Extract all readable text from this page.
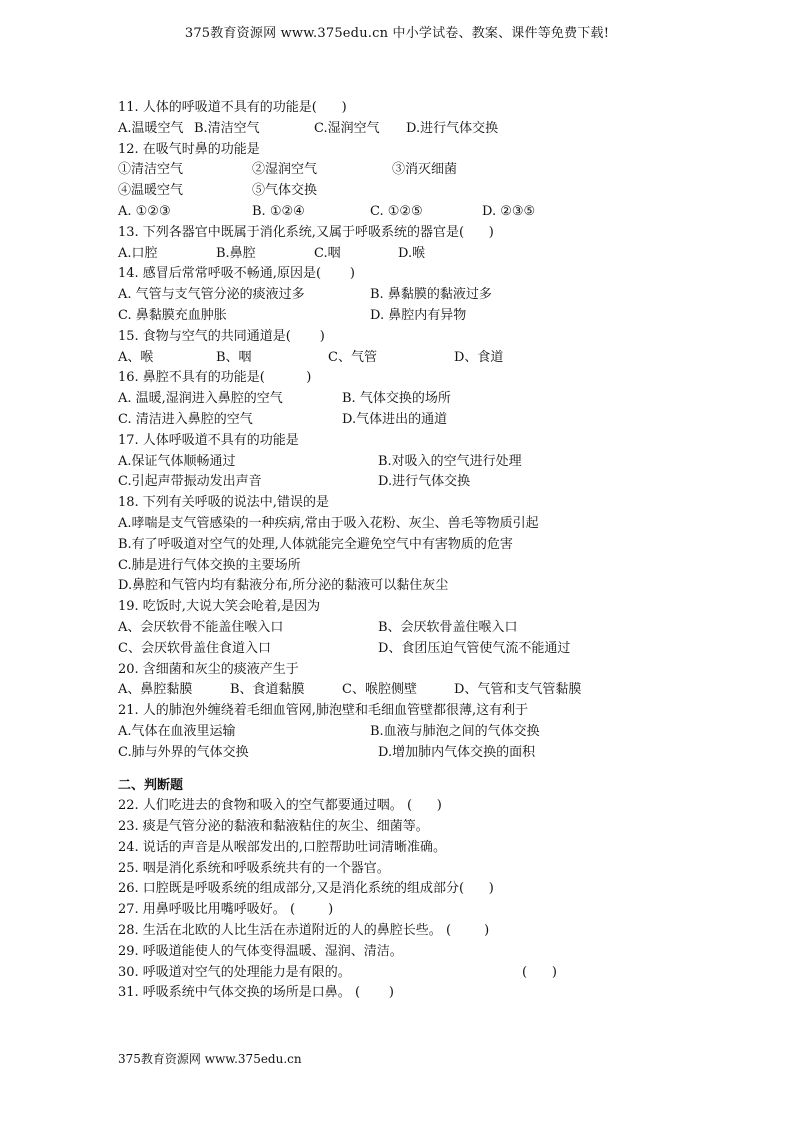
375教育资源网 www.375edu.cn 中小学试卷、教案、课件等免费下载!
11. 人体的呼吸道不具有的功能是(      )

A.温暖空气

B.清洁空气

	C.湿润空气

D.进行气体交换

12. 在吸气时鼻的功能是

①清洁空气

	②湿润空气

	③消灭细菌

④温暖空气

	⑤气体交换

A. ①②③

	B. ①②④

	C. ①②⑤

	D. ②③⑤

13. 下列各器官中既属于消化系统,又属于呼吸系统的器官是(      )

A.口腔

	B.鼻腔

	C.咽

	D.喉

14. 感冒后常常呼吸不畅通,原因是(       )

A. 气管与支气管分泌的痰液过多

	B. 鼻黏膜的黏液过多

C. 鼻黏膜充血肿胀

	D. 鼻腔内有异物

15. 食物与空气的共同通道是(       )

A、喉

	B、咽

	C、气管

	D、食道

16. 鼻腔不具有的功能是(          )

A. 温暖,湿润进入鼻腔的空气

	B. 气体交换的场所

C. 清洁进入鼻腔的空气

	D.气体进出的通道

17. 人体呼吸道不具有的功能是

A.保证气体顺畅通过

	B.对吸入的空气进行处理

C.引起声带振动发出声音

	D.进行气体交换

18. 下列有关呼吸的说法中,错误的是
A.哮喘是支气管感染的一种疾病,常由于吸入花粉、灰尘、兽毛等物质引起
B.有了呼吸道对空气的处理,人体就能完全避免空气中有害物质的危害
C.肺是进行气体交换的主要场所
D.鼻腔和气管内均有黏液分布,所分泌的黏液可以黏住灰尘
19. 吃饭时,大说大笑会呛着,是因为

A、会厌软骨不能盖住喉入口

	B、会厌软骨盖住喉入口

C、会厌软骨盖住食道入口

	D、食团压迫气管使气流不能通过

20. 含细菌和灰尘的痰液产生于

A、鼻腔黏膜

	B、食道黏膜

	C、喉腔侧壁

	D、气管和支气管黏膜

21. 人的肺泡外缠绕着毛细血管网,肺泡壁和毛细血管壁都很薄,这有利于

A.气体在血液里运输

	B.血液与肺泡之间的气体交换

C.肺与外界的气体交换

	D.增加肺内气体交换的面积

二、判断题
22. 人们吃进去的食物和吸入的空气都要通过咽。 (      )
23. 痰是气管分泌的黏液和黏液粘住的灰尘、细菌等。
24. 说话的声音是从喉部发出的,口腔帮助吐词清晰准确。
25. 咽是消化系统和呼吸系统共有的一个器官。
26. 口腔既是呼吸系统的组成部分,又是消化系统的组成部分(      )
27. 用鼻呼吸比用嘴呼吸好。 (        )
28. 生活在北欧的人比生活在赤道附近的人的鼻腔长些。 (        )
29. 呼吸道能使人的气体变得温暖、湿润、清洁。

30. 呼吸道对空气的处理能力是有限的。

	(      )

31. 呼吸系统中气体交换的场所是口鼻。 (       )
375教育资源网 www.375edu.cn
